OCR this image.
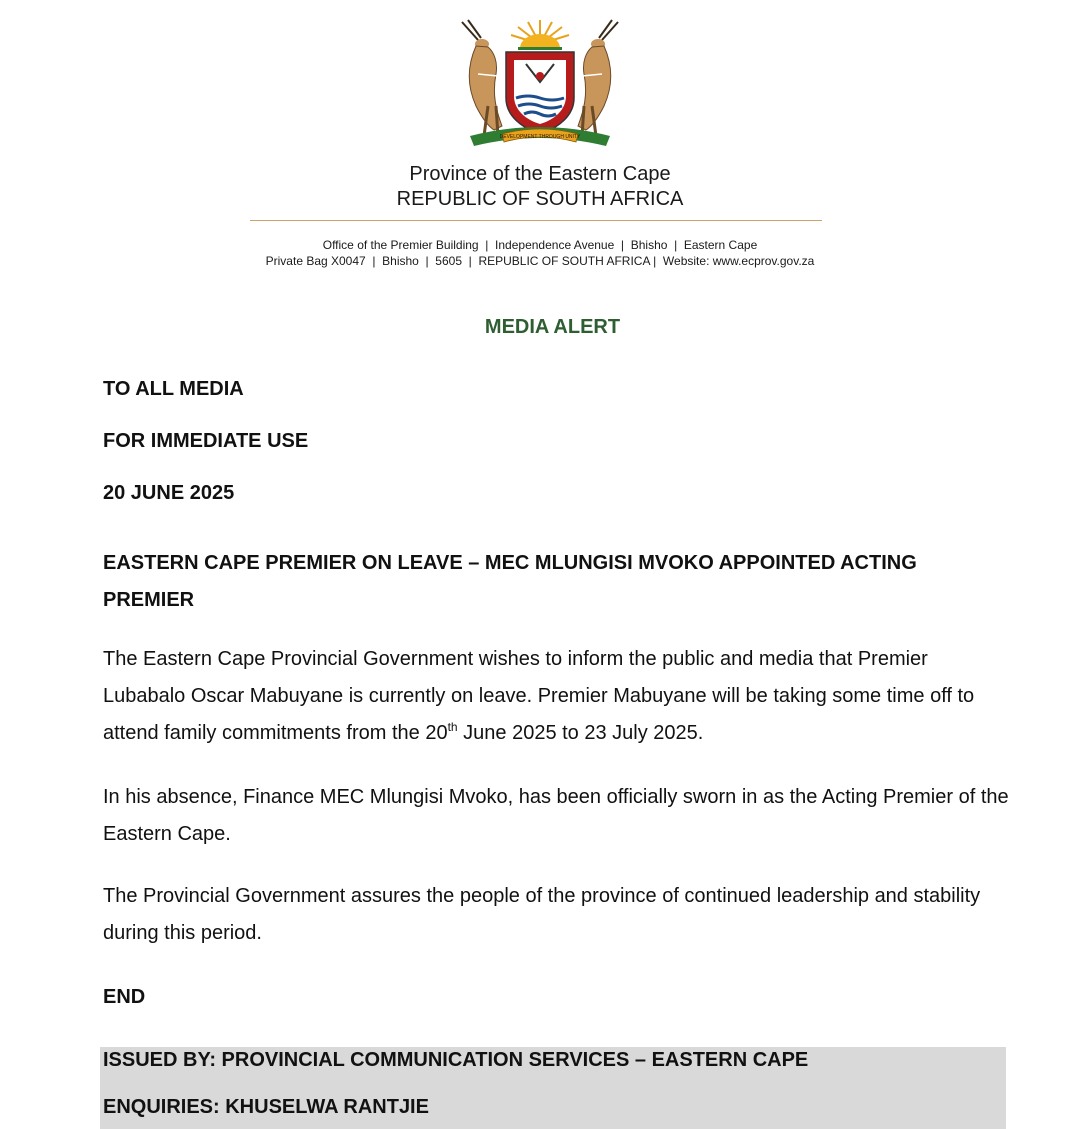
DEVELOPMENT THROUGH UNITY
Province of the Eastern Cape
REPUBLIC OF SOUTH AFRICA
Office of the Premier Building  |  Independence Avenue  |  Bhisho  |  Eastern Cape
Private Bag X0047  |  Bhisho  |  5605  |  REPUBLIC OF SOUTH AFRICA |  Website: www.ecprov.gov.za
MEDIA ALERT
TO ALL MEDIA
FOR IMMEDIATE USE
20 JUNE 2025
EASTERN CAPE PREMIER ON LEAVE – MEC MLUNGISI MVOKO APPOINTED ACTING PREMIER
The Eastern Cape Provincial Government wishes to inform the public and media that Premier Lubabalo Oscar Mabuyane is currently on leave. Premier Mabuyane will be taking some time off to attend family commitments from the 20th June 2025 to 23 July 2025.
In his absence, Finance MEC Mlungisi Mvoko, has been officially sworn in as the Acting Premier of the Eastern Cape.
The Provincial Government assures the people of the province of continued leadership and stability during this period.
END
ISSUED BY: PROVINCIAL COMMUNICATION SERVICES – EASTERN CAPE
ENQUIRIES: KHUSELWA RANTJIE
